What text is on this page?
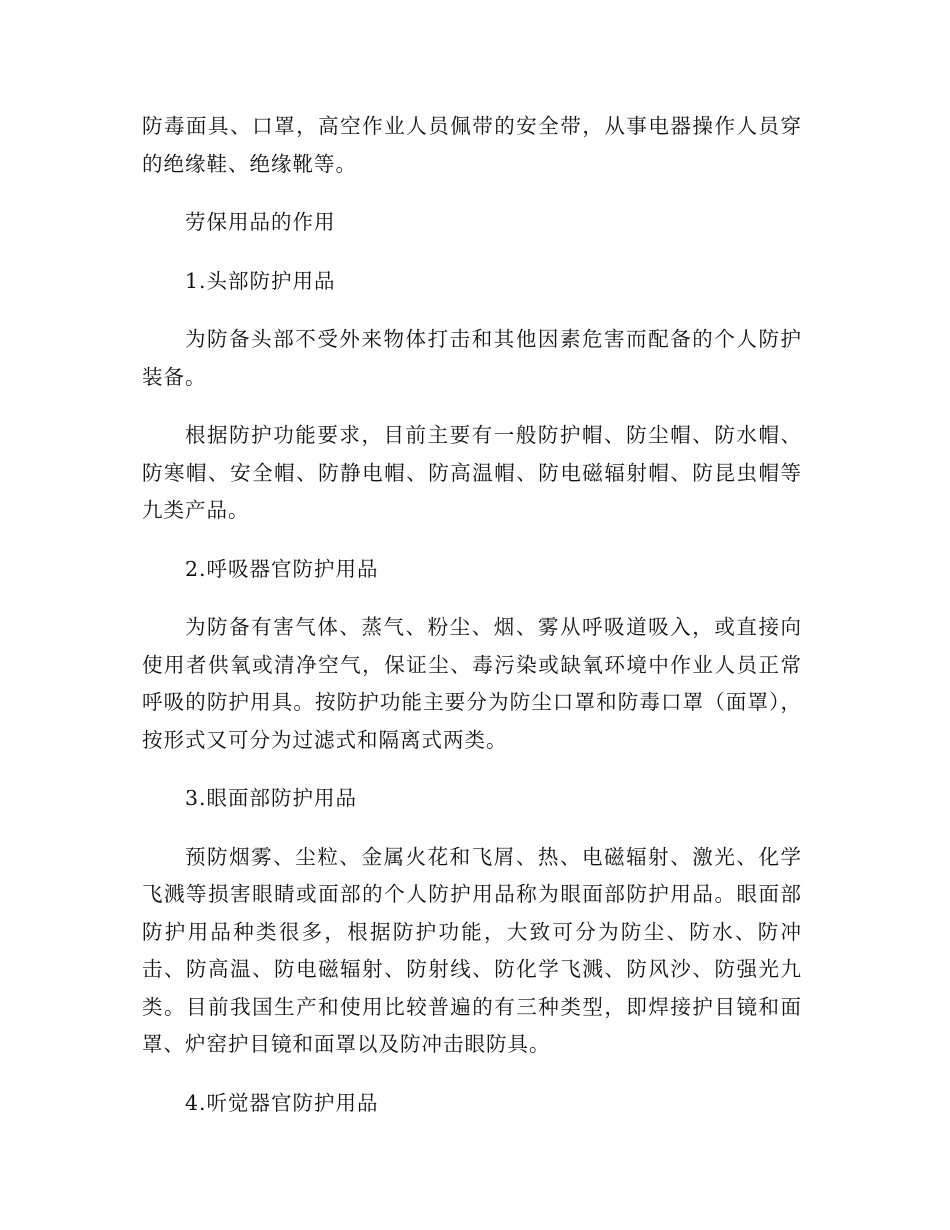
防毒面具、口罩，高空作业人员佩带的安全带，从事电器操作人员穿的绝缘鞋、绝缘靴等。

劳保用品的作用

1.头部防护用品

为防备头部不受外来物体打击和其他因素危害而配备的个人防护装备。

根据防护功能要求，目前主要有一般防护帽、防尘帽、防水帽、防寒帽、安全帽、防静电帽、防高温帽、防电磁辐射帽、防昆虫帽等九类产品。

2.呼吸器官防护用品

为防备有害气体、蒸气、粉尘、烟、雾从呼吸道吸入，或直接向使用者供氧或清净空气，保证尘、毒污染或缺氧环境中作业人员正常呼吸的防护用具。按防护功能主要分为防尘口罩和防毒口罩（面罩），按形式又可分为过滤式和隔离式两类。

3.眼面部防护用品

预防烟雾、尘粒、金属火花和飞屑、热、电磁辐射、激光、化学飞溅等损害眼睛或面部的个人防护用品称为眼面部防护用品。眼面部防护用品种类很多，根据防护功能，大致可分为防尘、防水、防冲击、防高温、防电磁辐射、防射线、防化学飞溅、防风沙、防强光九类。目前我国生产和使用比较普遍的有三种类型，即焊接护目镜和面罩、炉窑护目镜和面罩以及防冲击眼防具。

4.听觉器官防护用品
